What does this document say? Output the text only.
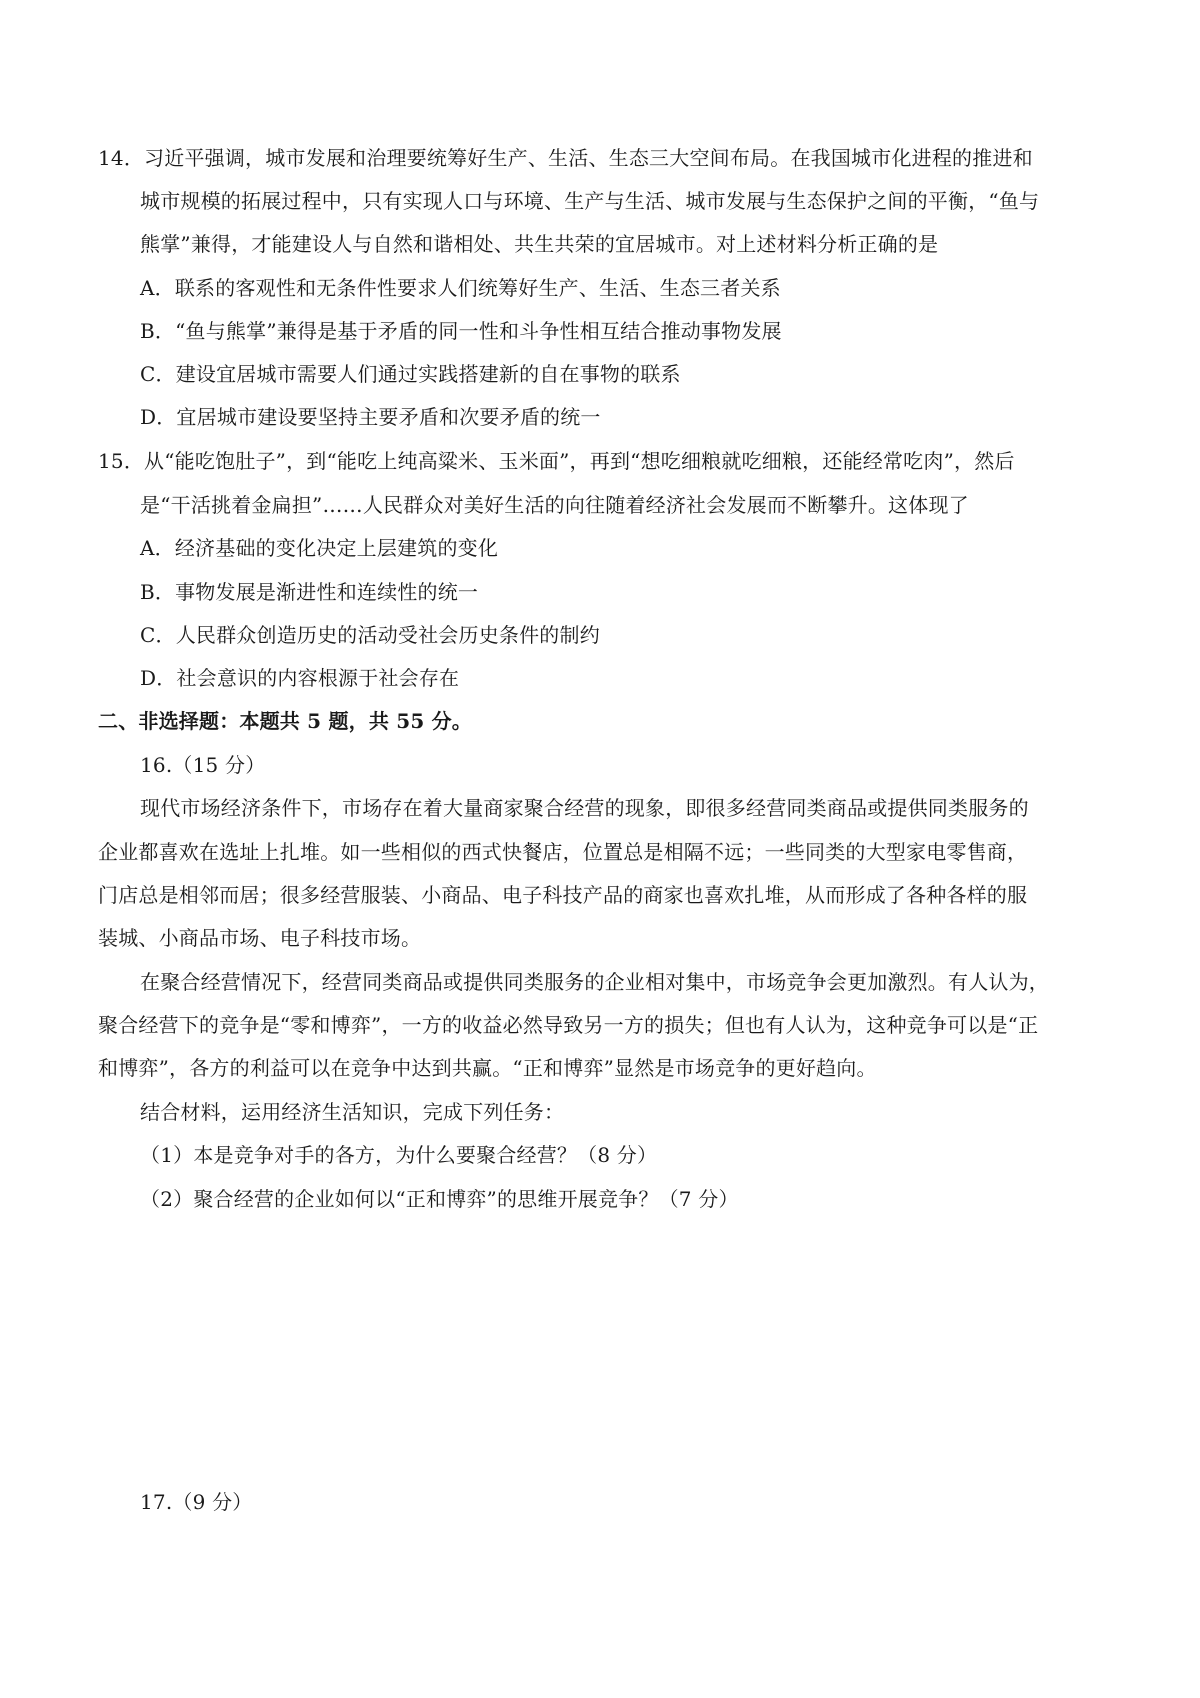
14．习近平强调，城市发展和治理要统筹好生产、生活、生态三大空间布局。在我国城市化进程的推进和
城市规模的拓展过程中，只有实现人口与环境、生产与生活、城市发展与生态保护之间的平衡，“鱼与
熊掌”兼得，才能建设人与自然和谐相处、共生共荣的宜居城市。对上述材料分析正确的是
A．联系的客观性和无条件性要求人们统筹好生产、生活、生态三者关系
B．“鱼与熊掌”兼得是基于矛盾的同一性和斗争性相互结合推动事物发展
C．建设宜居城市需要人们通过实践搭建新的自在事物的联系
D．宜居城市建设要坚持主要矛盾和次要矛盾的统一
15．从“能吃饱肚子”，到“能吃上纯高粱米、玉米面”，再到“想吃细粮就吃细粮，还能经常吃肉”，然后
是“干活挑着金扁担”……人民群众对美好生活的向往随着经济社会发展而不断攀升。这体现了
A．经济基础的变化决定上层建筑的变化
B．事物发展是渐进性和连续性的统一
C．人民群众创造历史的活动受社会历史条件的制约
D．社会意识的内容根源于社会存在
二、非选择题：本题共 5 题，共 55 分。
16.（15 分）
现代市场经济条件下，市场存在着大量商家聚合经营的现象，即很多经营同类商品或提供同类服务的
企业都喜欢在选址上扎堆。如一些相似的西式快餐店，位置总是相隔不远；一些同类的大型家电零售商，
门店总是相邻而居；很多经营服装、小商品、电子科技产品的商家也喜欢扎堆，从而形成了各种各样的服
装城、小商品市场、电子科技市场。
在聚合经营情况下，经营同类商品或提供同类服务的企业相对集中，市场竞争会更加激烈。有人认为，
聚合经营下的竞争是“零和博弈”，一方的收益必然导致另一方的损失；但也有人认为，这种竞争可以是“正
和博弈”，各方的利益可以在竞争中达到共赢。“正和博弈”显然是市场竞争的更好趋向。
结合材料，运用经济生活知识，完成下列任务：
（1）本是竞争对手的各方，为什么要聚合经营？（8 分）
（2）聚合经营的企业如何以“正和博弈”的思维开展竞争？（7 分）
17.（9 分）
